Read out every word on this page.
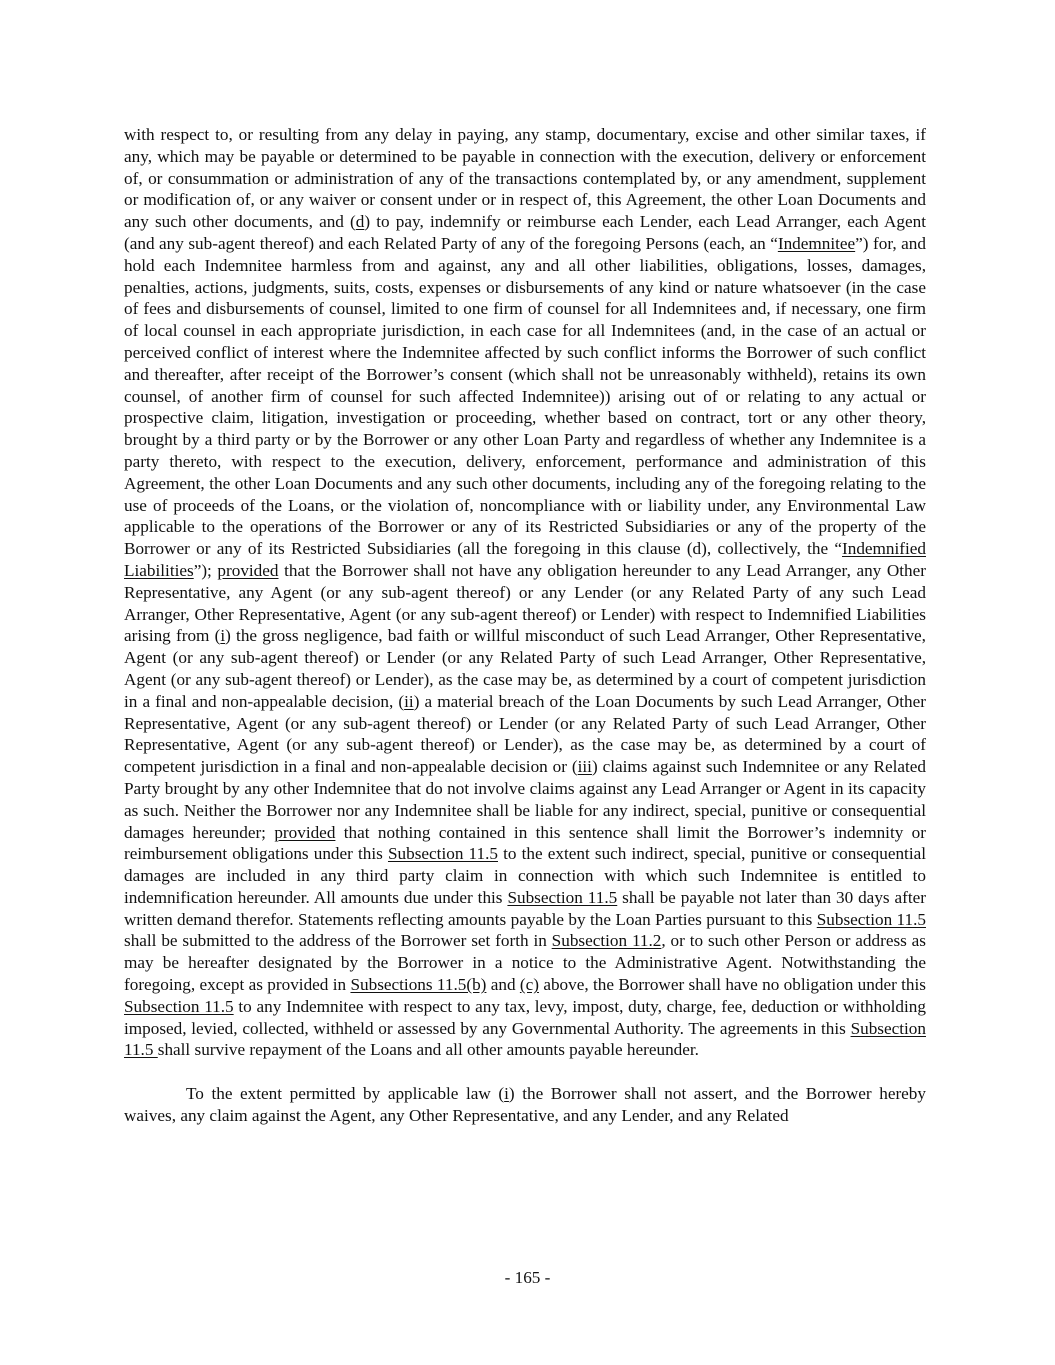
with respect to, or resulting from any delay in paying, any stamp, documentary, excise and other similar taxes, if any, which may be payable or determined to be payable in connection with the execution, delivery or enforcement of, or consummation or administration of any of the transactions contemplated by, or any amendment, supplement or modification of, or any waiver or consent under or in respect of, this Agreement, the other Loan Documents and any such other documents, and (d) to pay, indemnify or reimburse each Lender, each Lead Arranger, each Agent (and any sub-agent thereof) and each Related Party of any of the foregoing Persons (each, an “Indemnitee”) for, and hold each Indemnitee harmless from and against, any and all other liabilities, obligations, losses, damages, penalties, actions, judgments, suits, costs, expenses or disbursements of any kind or nature whatsoever (in the case of fees and disbursements of counsel, limited to one firm of counsel for all Indemnitees and, if necessary, one firm of local counsel in each appropriate jurisdiction, in each case for all Indemnitees (and, in the case of an actual or perceived conflict of interest where the Indemnitee affected by such conflict informs the Borrower of such conflict and thereafter, after receipt of the Borrower’s consent (which shall not be unreasonably withheld), retains its own counsel, of another firm of counsel for such affected Indemnitee)) arising out of or relating to any actual or prospective claim, litigation, investigation or proceeding, whether based on contract, tort or any other theory, brought by a third party or by the Borrower or any other Loan Party and regardless of whether any Indemnitee is a party thereto, with respect to the execution, delivery, enforcement, performance and administration of this Agreement, the other Loan Documents and any such other documents, including any of the foregoing relating to the use of proceeds of the Loans, or the violation of, noncompliance with or liability under, any Environmental Law applicable to the operations of the Borrower or any of its Restricted Subsidiaries or any of the property of the Borrower or any of its Restricted Subsidiaries (all the foregoing in this clause (d), collectively, the “Indemnified Liabilities”); provided that the Borrower shall not have any obligation hereunder to any Lead Arranger, any Other Representative, any Agent (or any sub-agent thereof) or any Lender (or any Related Party of any such Lead Arranger, Other Representative, Agent (or any sub-agent thereof) or Lender) with respect to Indemnified Liabilities arising from (i) the gross negligence, bad faith or willful misconduct of such Lead Arranger, Other Representative, Agent (or any sub-agent thereof) or Lender (or any Related Party of such Lead Arranger, Other Representative, Agent (or any sub-agent thereof) or Lender), as the case may be, as determined by a court of competent jurisdiction in a final and non-appealable decision, (ii) a material breach of the Loan Documents by such Lead Arranger, Other Representative, Agent (or any sub-agent thereof) or Lender (or any Related Party of such Lead Arranger, Other Representative, Agent (or any sub-agent thereof) or Lender), as the case may be, as determined by a court of competent jurisdiction in a final and non-appealable decision or (iii) claims against such Indemnitee or any Related Party brought by any other Indemnitee that do not involve claims against any Lead Arranger or Agent in its capacity as such. Neither the Borrower nor any Indemnitee shall be liable for any indirect, special, punitive or consequential damages hereunder; provided that nothing contained in this sentence shall limit the Borrower’s indemnity or reimbursement obligations under this Subsection 11.5 to the extent such indirect, special, punitive or consequential damages are included in any third party claim in connection with which such Indemnitee is entitled to indemnification hereunder. All amounts due under this Subsection 11.5 shall be payable not later than 30 days after written demand therefor. Statements reflecting amounts payable by the Loan Parties pursuant to this Subsection 11.5 shall be submitted to the address of the Borrower set forth in Subsection 11.2, or to such other Person or address as may be hereafter designated by the Borrower in a notice to the Administrative Agent. Notwithstanding the foregoing, except as provided in Subsections 11.5(b) and (c) above, the Borrower shall have no obligation under this Subsection 11.5 to any Indemnitee with respect to any tax, levy, impost, duty, charge, fee, deduction or withholding imposed, levied, collected, withheld or assessed by any Governmental Authority. The agreements in this Subsection 11.5 shall survive repayment of the Loans and all other amounts payable hereunder.

To the extent permitted by applicable law (i) the Borrower shall not assert, and the Borrower hereby waives, any claim against the Agent, any Other Representative, and any Lender, and any Related

- 165 -
